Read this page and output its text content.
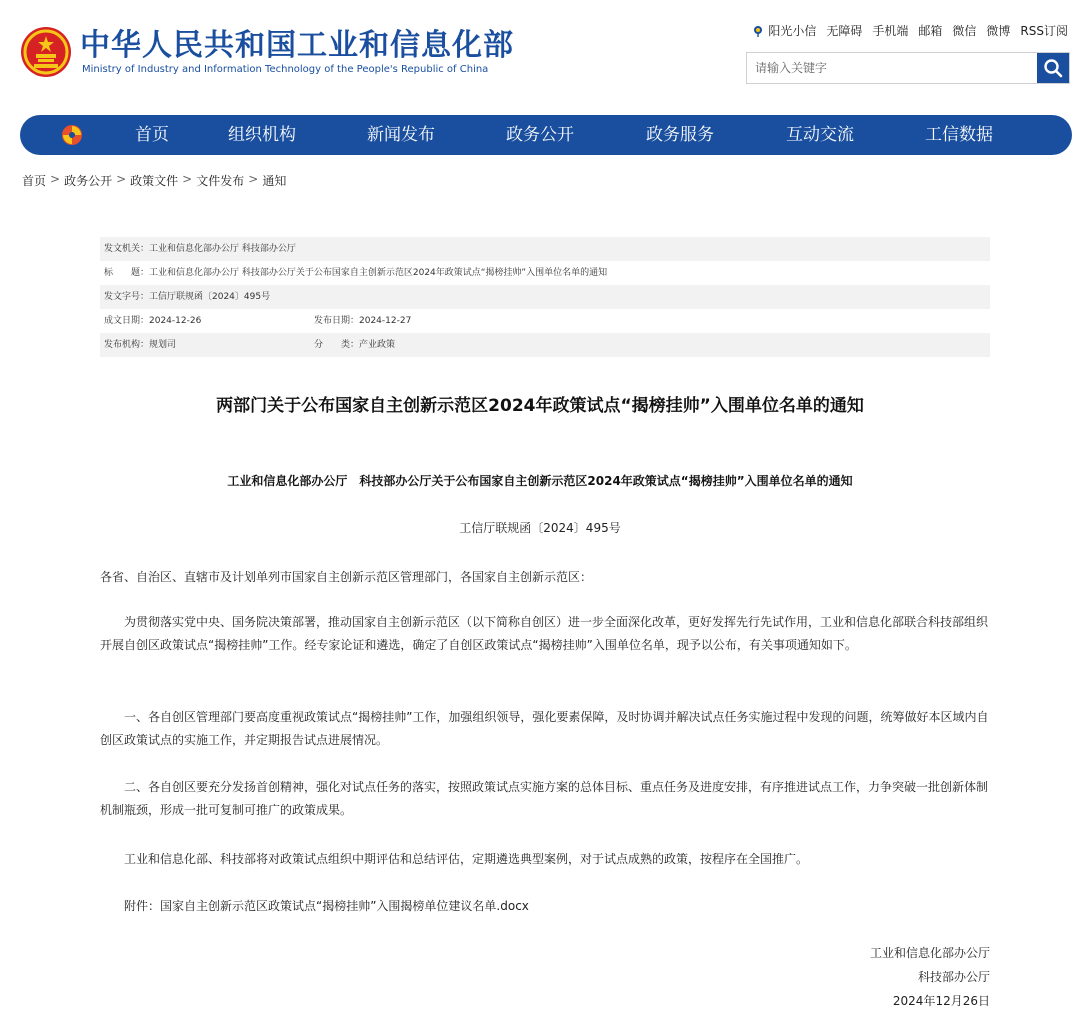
中华人民共和国工业和信息化部
Ministry of Industry and Information Technology of the People's Republic of China
阳光小信 无障碍 手机端 邮箱 微信 微博 RSS订阅
请输入关键字
首页	组织机构	新闻发布	政务公开	政务服务	互动交流	工信数据
首页 > 政务公开 > 政策文件 > 文件发布 > 通知
发文机关：工业和信息化部办公厅 科技部办公厅
标　　题：工业和信息化部办公厅 科技部办公厅关于公布国家自主创新示范区2024年政策试点“揭榜挂帅”入围单位名单的通知
发文字号：工信厅联规函〔2024〕495号
成文日期：2024-12-26	发布日期：2024-12-27
发布机构：规划司	分　　类：产业政策
两部门关于公布国家自主创新示范区2024年政策试点“揭榜挂帅”入围单位名单的通知
工业和信息化部办公厅　科技部办公厅关于公布国家自主创新示范区2024年政策试点“揭榜挂帅”入围单位名单的通知
工信厅联规函〔2024〕495号
各省、自治区、直辖市及计划单列市国家自主创新示范区管理部门，各国家自主创新示范区：
为贯彻落实党中央、国务院决策部署，推动国家自主创新示范区（以下简称自创区）进一步全面深化改革，更好发挥先行先试作用，工业和信息化部联合科技部组织开展自创区政策试点“揭榜挂帅”工作。经专家论证和遴选，确定了自创区政策试点“揭榜挂帅”入围单位名单，现予以公布，有关事项通知如下。
一、各自创区管理部门要高度重视政策试点“揭榜挂帅”工作，加强组织领导，强化要素保障，及时协调并解决试点任务实施过程中发现的问题，统筹做好本区域内自创区政策试点的实施工作，并定期报告试点进展情况。
二、各自创区要充分发扬首创精神，强化对试点任务的落实，按照政策试点实施方案的总体目标、重点任务及进度安排，有序推进试点工作，力争突破一批创新体制机制瓶颈，形成一批可复制可推广的政策成果。
工业和信息化部、科技部将对政策试点组织中期评估和总结评估，定期遴选典型案例，对于试点成熟的政策，按程序在全国推广。
附件：国家自主创新示范区政策试点“揭榜挂帅”入围揭榜单位建议名单.docx
工业和信息化部办公厅
科技部办公厅
2024年12月26日
